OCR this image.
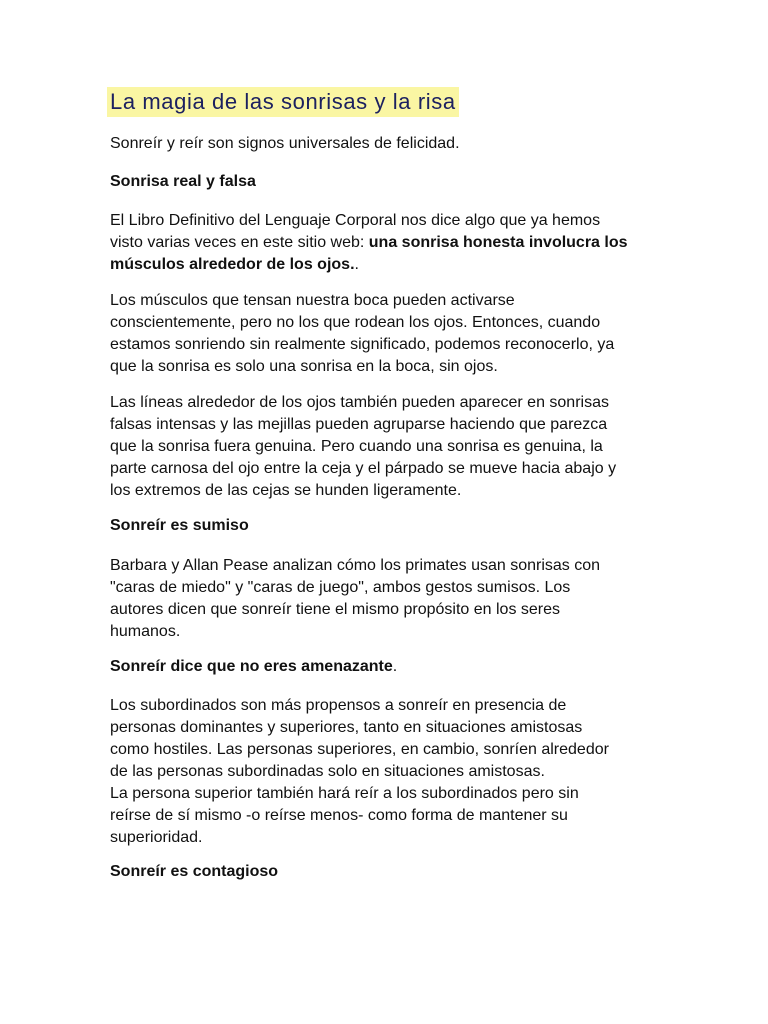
La magia de las sonrisas y la risa
Sonreír y reír son signos universales de felicidad.
Sonrisa real y falsa
El Libro Definitivo del Lenguaje Corporal nos dice algo que ya hemos
visto varias veces en este sitio web: una sonrisa honesta involucra los
músculos alrededor de los ojos..
Los músculos que tensan nuestra boca pueden activarse
conscientemente, pero no los que rodean los ojos. Entonces, cuando
estamos sonriendo sin realmente significado, podemos reconocerlo, ya
que la sonrisa es solo una sonrisa en la boca, sin ojos.
Las líneas alrededor de los ojos también pueden aparecer en sonrisas
falsas intensas y las mejillas pueden agruparse haciendo que parezca
que la sonrisa fuera genuina. Pero cuando una sonrisa es genuina, la
parte carnosa del ojo entre la ceja y el párpado se mueve hacia abajo y
los extremos de las cejas se hunden ligeramente.
Sonreír es sumiso
Barbara y Allan Pease analizan cómo los primates usan sonrisas con
"caras de miedo" y "caras de juego", ambos gestos sumisos. Los
autores dicen que sonreír tiene el mismo propósito en los seres
humanos.
Sonreír dice que no eres amenazante.
Los subordinados son más propensos a sonreír en presencia de
personas dominantes y superiores, tanto en situaciones amistosas
como hostiles. Las personas superiores, en cambio, sonríen alrededor
de las personas subordinadas solo en situaciones amistosas.
La persona superior también hará reír a los subordinados pero sin
reírse de sí mismo -o reírse menos- como forma de mantener su
superioridad.
Sonreír es contagioso
